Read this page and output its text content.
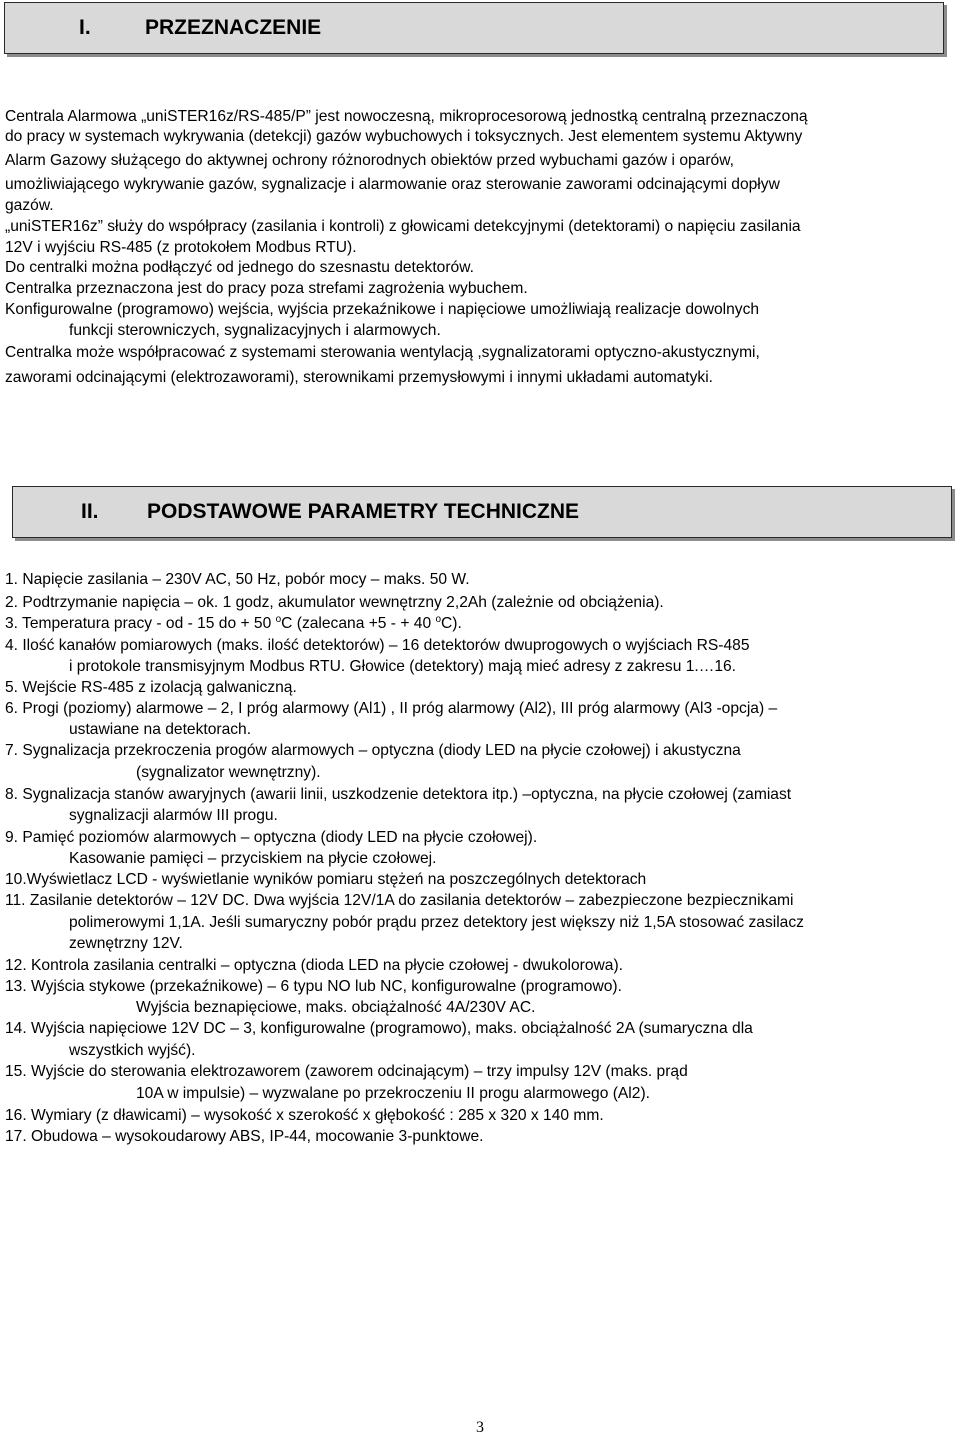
I.	PRZEZNACZENIE
Centrala Alarmowa „uniSTER16z/RS-485/P” jest nowoczesną, mikroprocesorową jednostką centralną przeznaczoną
do pracy w systemach wykrywania (detekcji) gazów wybuchowych i toksycznych. Jest elementem systemu Aktywny
Alarm Gazowy służącego do aktywnej ochrony różnorodnych obiektów przed wybuchami gazów i oparów,
umożliwiającego wykrywanie gazów, sygnalizacje i alarmowanie oraz sterowanie zaworami odcinającymi dopływ
gazów.
„uniSTER16z” służy do współpracy (zasilania i kontroli) z głowicami detekcyjnymi (detektorami) o napięciu zasilania
12V i wyjściu RS-485 (z protokołem Modbus RTU).
Do centralki można podłączyć od jednego do szesnastu detektorów.
Centralka przeznaczona jest do pracy poza strefami zagrożenia wybuchem.
Konfigurowalne (programowo) wejścia, wyjścia przekaźnikowe i napięciowe umożliwiają realizacje dowolnych
funkcji sterowniczych, sygnalizacyjnych i alarmowych.
Centralka może współpracować z systemami sterowania wentylacją ,sygnalizatorami optyczno-akustycznymi,
zaworami odcinającymi (elektrozaworami), sterownikami przemysłowymi i innymi układami automatyki.
II. PODSTAWOWE PARAMETRY TECHNICZNE
1. Napięcie zasilania – 230V AC, 50 Hz, pobór mocy – maks. 50 W.
2. Podtrzymanie napięcia – ok. 1 godz, akumulator wewnętrzny 2,2Ah (zależnie od obciążenia).
3. Temperatura pracy - od - 15 do + 50 $^o$C (zalecana +5 - + 40 $^o$C).
4. Ilość kanałów pomiarowych (maks. ilość detektorów) – 16 detektorów dwuprogowych o wyjściach RS-485
i protokole transmisyjnym Modbus RTU. Głowice (detektory) mają mieć adresy z zakresu 1.…16.
5. Wejście RS-485 z izolacją galwaniczną.
6. Progi (poziomy) alarmowe – 2, I próg alarmowy (Al1) , II próg alarmowy (Al2), III próg alarmowy (Al3 -opcja) –
ustawiane na detektorach.
7. Sygnalizacja przekroczenia progów alarmowych – optyczna (diody LED na płycie czołowej) i akustyczna
(sygnalizator wewnętrzny).
8. Sygnalizacja stanów awaryjnych (awarii linii, uszkodzenie detektora itp.) –optyczna, na płycie czołowej (zamiast
sygnalizacji alarmów III progu.
9. Pamięć poziomów alarmowych – optyczna (diody LED na płycie czołowej).
Kasowanie pamięci – przyciskiem na płycie czołowej.
10.Wyświetlacz LCD - wyświetlanie wyników pomiaru stężeń na poszczególnych detektorach
11. Zasilanie detektorów – 12V DC. Dwa wyjścia 12V/1A do zasilania detektorów – zabezpieczone bezpiecznikami
polimerowymi 1,1A. Jeśli sumaryczny pobór prądu przez detektory jest większy niż 1,5A stosować zasilacz
zewnętrzny 12V.
12. Kontrola zasilania centralki – optyczna (dioda LED na płycie czołowej - dwukolorowa).
13. Wyjścia stykowe (przekaźnikowe) – 6 typu NO lub NC, konfigurowalne (programowo).
Wyjścia beznapięciowe, maks. obciążalność 4A/230V AC.
14. Wyjścia napięciowe 12V DC – 3, konfigurowalne (programowo), maks. obciążalność 2A (sumaryczna dla
wszystkich wyjść).
15. Wyjście do sterowania elektrozaworem (zaworem odcinającym) – trzy impulsy 12V (maks. prąd
10A w impulsie) – wyzwalane po przekroczeniu II progu alarmowego (Al2).
16. Wymiary (z dławicami) – wysokość x szerokość x głębokość : 285 x 320 x 140 mm.
17. Obudowa – wysokoudarowy ABS, IP-44, mocowanie 3-punktowe.
3
